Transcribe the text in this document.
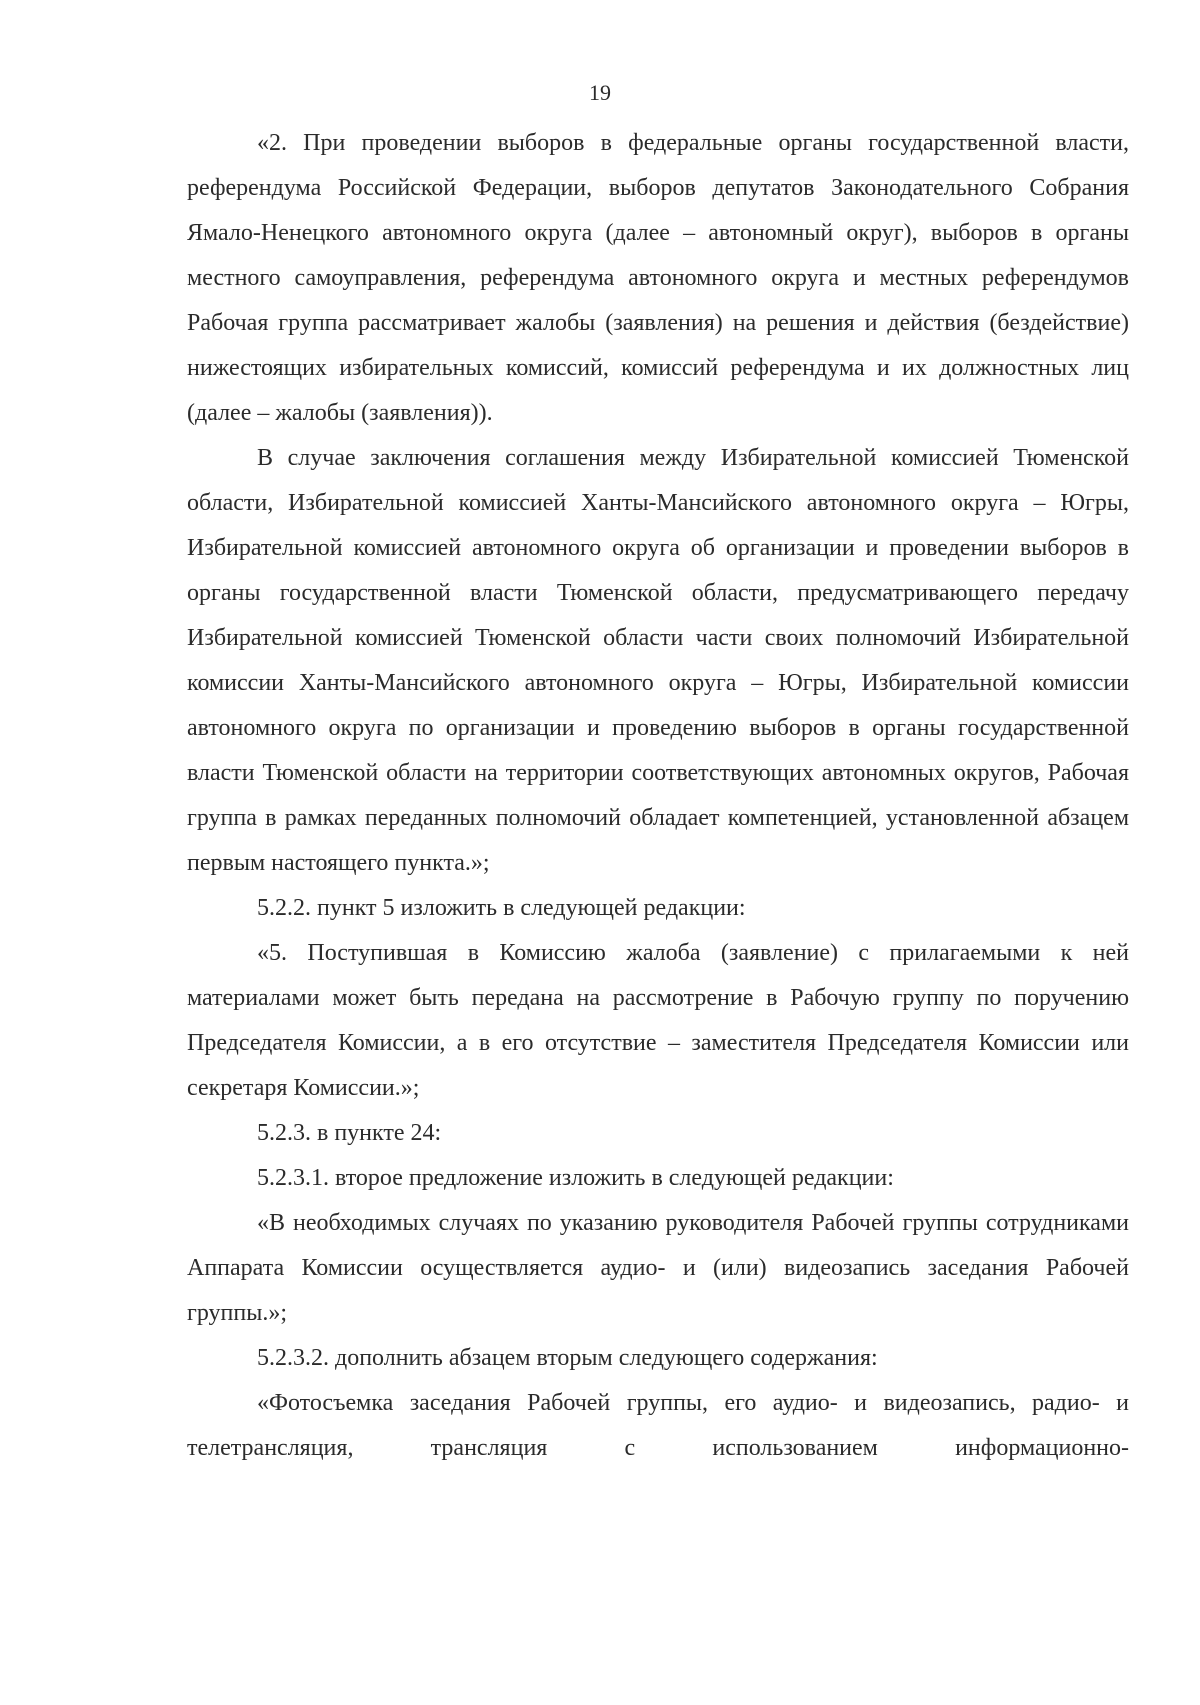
19

«2. При проведении выборов в федеральные органы государственной власти, референдума Российской Федерации, выборов депутатов Законодательного Собрания Ямало-Ненецкого автономного округа (далее – автономный округ), выборов в органы местного самоуправления, референдума автономного округа и местных референдумов Рабочая группа рассматривает жалобы (заявления) на решения и действия (бездействие) нижестоящих избирательных комиссий, комиссий референдума и их должностных лиц (далее – жалобы (заявления)).

В случае заключения соглашения между Избирательной комиссией Тюменской области, Избирательной комиссией Ханты-Мансийского автономного округа – Югры, Избирательной комиссией автономного округа об организации и проведении выборов в органы государственной власти Тюменской области, предусматривающего передачу Избирательной комиссией Тюменской области части своих полномочий Избирательной комиссии Ханты-Мансийского автономного округа – Югры, Избирательной комиссии автономного округа по организации и проведению выборов в органы государственной власти Тюменской области на территории соответствующих автономных округов, Рабочая группа в рамках переданных полномочий обладает компетенцией, установленной абзацем первым настоящего пункта.»;

5.2.2. пункт 5 изложить в следующей редакции:

«5. Поступившая в Комиссию жалоба (заявление) с прилагаемыми к ней материалами может быть передана на рассмотрение в Рабочую группу по поручению Председателя Комиссии, а в его отсутствие – заместителя Председателя Комиссии или секретаря Комиссии.»;

5.2.3. в пункте 24:

5.2.3.1. второе предложение изложить в следующей редакции:

«В необходимых случаях по указанию руководителя Рабочей группы сотрудниками Аппарата Комиссии осуществляется аудио- и (или) видеозапись заседания Рабочей группы.»;

5.2.3.2. дополнить абзацем вторым следующего содержания:

«Фотосъемка заседания Рабочей группы, его аудио- и видеозапись, радио- и телетрансляция, трансляция с использованием информационно-
